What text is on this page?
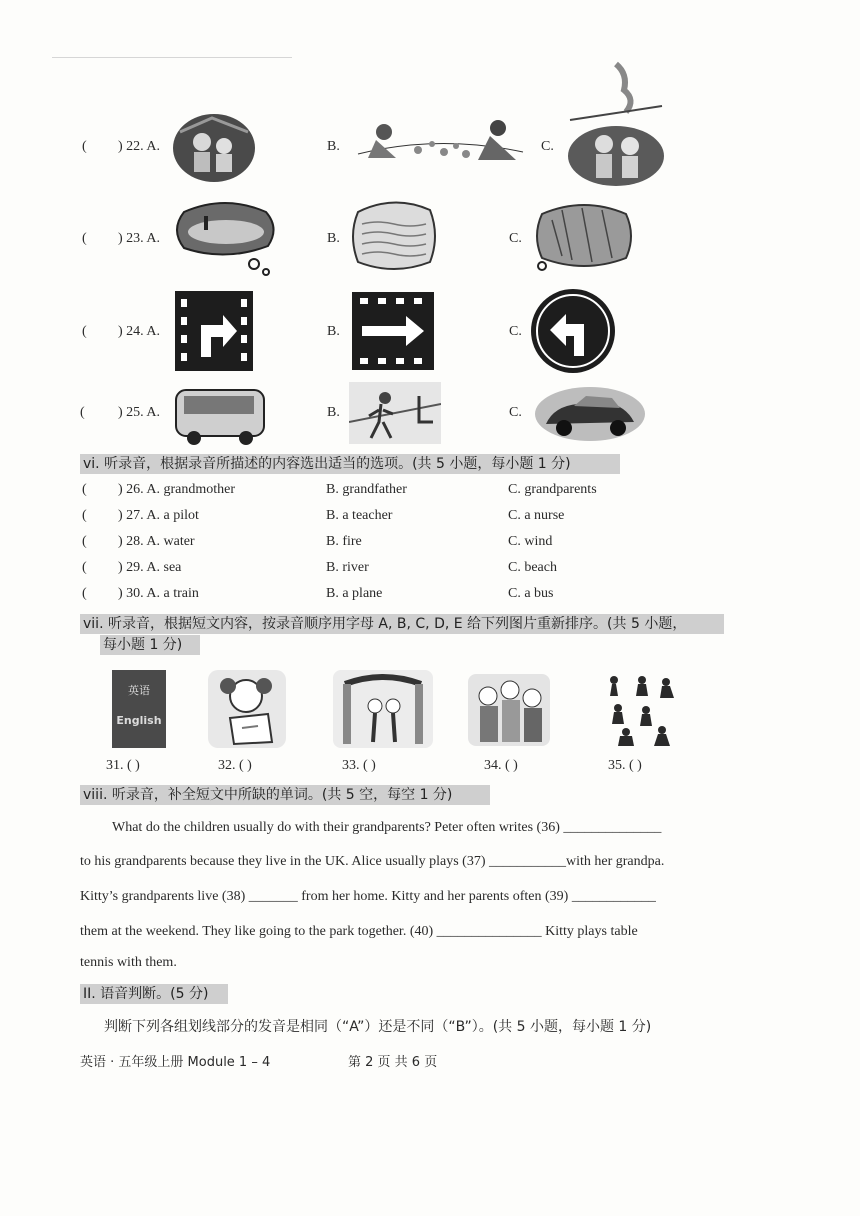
( ) 22. A.	B.	C.
( ) 23. A.	B.	C.
( ) 24. A.	B.	C.
( ) 25. A.	B.	C.
vi. 听录音，根据录音所描述的内容选出适当的选项。(共 5 小题，每小题 1 分)
( ) 26. A. grandmother	B. grandfather	C. grandparents
( ) 27. A. a pilot	B. a teacher	C. a nurse
( ) 28. A. water	B. fire	C. wind
( ) 29. A. sea	B. river	C. beach
( ) 30. A. a train	B. a plane	C. a bus
vii. 听录音，根据短文内容，按录音顺序用字母 A, B, C, D, E 给下列图片重新排序。(共 5 小题，
每小题 1 分)
英语
English
31. ( )	32. ( )	33. ( )	34. ( )	35. ( )
viii. 听录音，补全短文中所缺的单词。(共 5 空，每空 1 分)
What do the children usually do with their grandparents? Peter often writes (36) ______________
to his grandparents because they live in the UK. Alice usually plays (37) ___________with her grandpa.
Kitty’s grandparents live (38) _______ from her home. Kitty and her parents often (39) ____________
them at the weekend. They like going to the park together. (40) _______________ Kitty plays table
tennis with them.
II. 语音判断。(5 分)
判断下列各组划线部分的发音是相同（“A”）还是不同（“B”）。(共 5 小题，每小题 1 分)
英语 · 五年级上册 Module 1 – 4	第 2 页 共 6 页
